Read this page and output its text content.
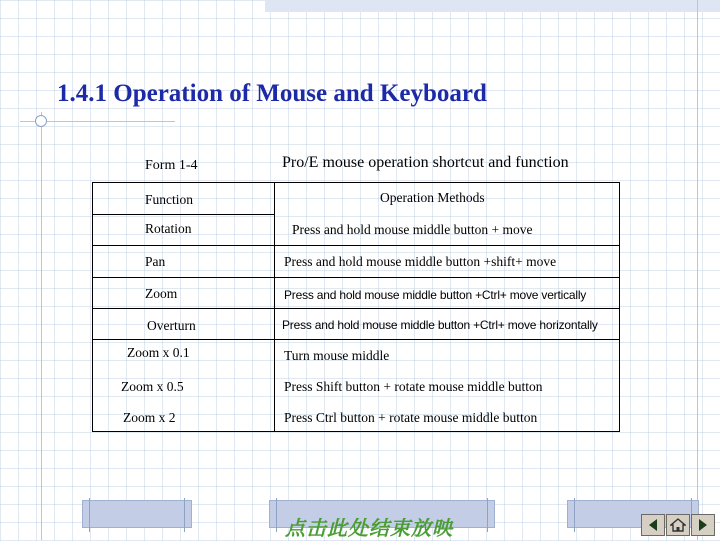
1.4.1 Operation of Mouse and Keyboard
Form 1-4	Pro/E mouse operation shortcut and function
Function	Operation Methods
Rotation	Press and hold mouse middle button + move
Pan	Press and hold mouse middle button +shift+ move
Zoom	Press and hold mouse middle button +Ctrl+ move vertically
Overturn	Press and hold mouse middle button +Ctrl+ move horizontally
Zoom x 0.1	Turn mouse middle
Zoom x 0.5	Press Shift button + rotate mouse middle button
Zoom x 2	Press Ctrl button + rotate mouse middle button
点击此处结束放映
